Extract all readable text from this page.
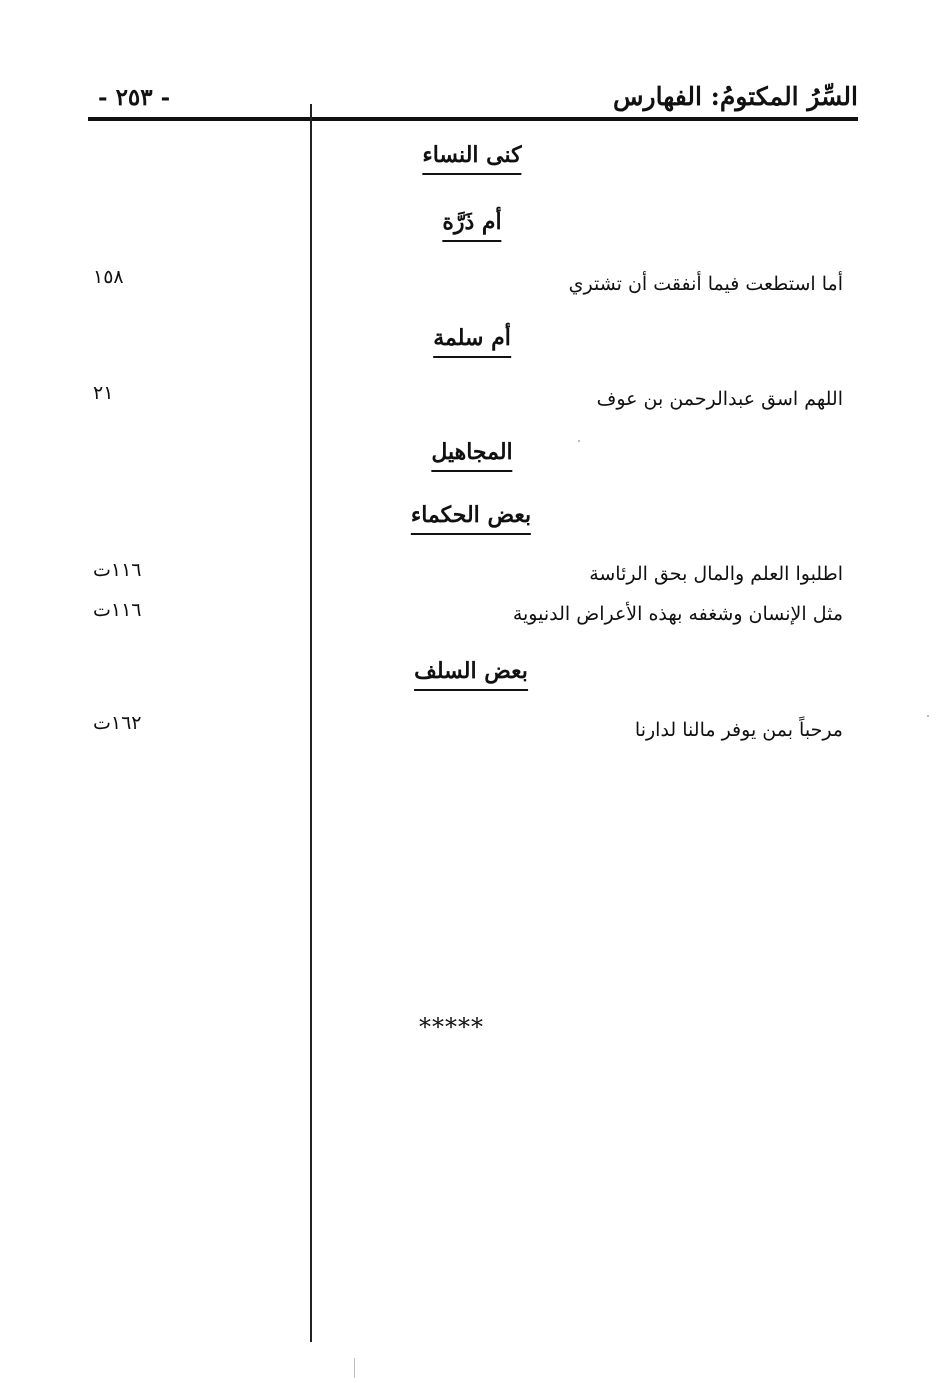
السِّرُ المكتومُ: الفهارس
- ٢٥٣ -
كنى النساء
أم ذَرَّة
أما استطعت فيما أنفقت أن تشتري
١٥٨
أم سلمة
اللهم اسق عبدالرحمن بن عوف
٢١
المجاهيل
بعض الحكماء
اطلبوا العلم والمال بحق الرئاسة
١١٦ت
مثل الإنسان وشغفه بهذه الأعراض الدنيوية
١١٦ت
بعض السلف
مرحباً بمن يوفر مالنا لدارنا
١٦٢ت
*****
